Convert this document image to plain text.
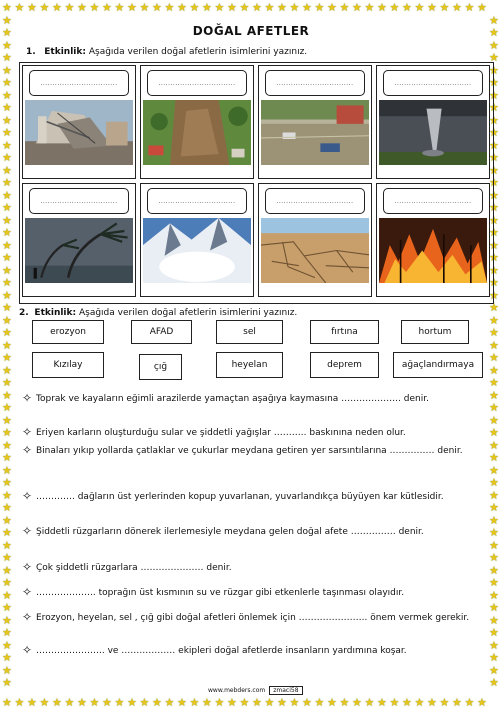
★
★
★
★
★
★
★
★
★
★
★
★
★
★
★
★
★
★
★
★
★
★
★
★
★
★
★
★
★
★
★
★
★
★
★
★
★
★
★
★
★
★
★
★
★
★
★
★
★
★
★
★
★
★
★
★
★
★
★
★
★
★
★
★
★
★
★
★
★
★
★
★
★
★
★
★
★
★
★	★
★	★
★	★
★	★
★	★
★	★
★	★
★	★
★	★
★	★
★	★
★	★
★	★
★	★
★	★
★	★
★	★
★	★
★	★
★	★
★	★
★	★
★	★
★	★
★	★
★	★
★	★
★	★
★	★
★	★
★	★
★	★
★	★
★	★
★	★
★	★
★	★
★	★
★	★
★	★
★	★
★	★
★	★
★	★
★	★
★	★
★	★
★	★
★	★
★	★
★	★
★	★
★	★
★	★
DOĞAL AFETLER
1. Etkinlik: Aşağıda verilen doğal afetlerin isimlerini yazınız.
................................	................................	................................	................................
................................	................................	................................	................................
2. Etkinlik: Aşağıda verilen doğal afetlerin isimlerini yazınız.
erozyon	AFAD	sel	fırtına	hortum
Kızılay	çığ	heyelan	deprem	ağaçlandırmaya
✧ Toprak ve kayaların eğimli arazilerde yamaçtan aşağıya kaymasına ……………….. denir.
✧ Eriyen karların oluşturduğu sular ve şiddetli yağışlar ……….. baskınına neden olur.
✧ Binaları yıkıp yollarda çatlaklar ve çukurlar meydana getiren yer sarsıntılarına …………… denir.
✧ …………. dağların üst yerlerinden kopup yuvarlanan, yuvarlandıkça büyüyen kar kütlesidir.
✧ Şiddetli rüzgarların dönerek ilerlemesiyle meydana gelen doğal afete …………… denir.
✧ Çok şiddetli rüzgarlara ………………… denir.
✧ ……………….. toprağın üst kısmının su ve rüzgar gibi etkenlerle taşınması olayıdır.
✧ Erozyon, heyelan, sel , çığ gibi doğal afetleri önlemek için ………………….. önem vermek gerekir.
✧ ………………….. ve ……………… ekipleri doğal afetlerde insanların yardımına koşar.
www.mebders.com	zmaci58
